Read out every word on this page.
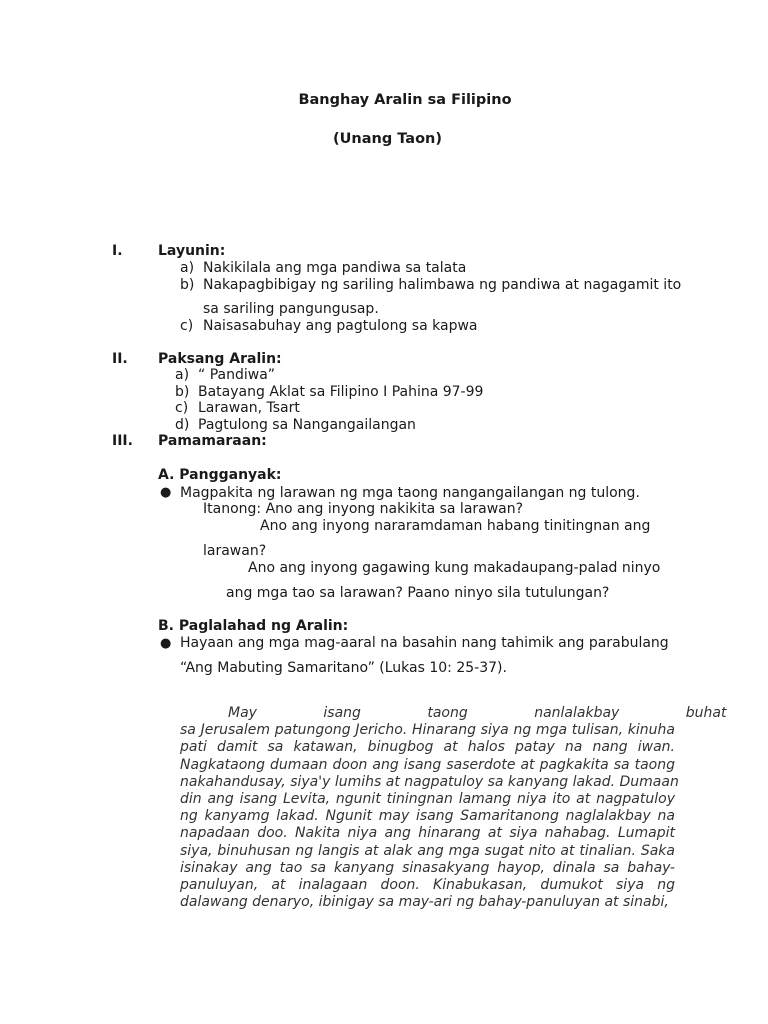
Banghay Aralin sa Filipino
(Unang Taon)
I.	Layunin:
a) Nakikilala ang mga pandiwa sa talata
b) Nakapagbibigay ng sariling halimbawa ng pandiwa at nagagamit ito
sa sariling pangungusap.
c) Naisasabuhay ang pagtulong sa kapwa
II. Paksang Aralin:
a) “ Pandiwa”
b) Batayang Aklat sa Filipino I Pahina 97-99
c) Larawan, Tsart
d) Pagtulong sa Nangangailangan
III. Pamamaraan:
A. Pangganyak:
● Magpakita ng larawan ng mga taong nangangailangan ng tulong.
Itanong: Ano ang inyong nakikita sa larawan?
Ano ang inyong nararamdaman habang tinitingnan ang
larawan?
Ano ang inyong gagawing kung makadaupang-palad ninyo
ang mga tao sa larawan? Paano ninyo sila tutulungan?
B. Paglalahad ng Aralin:
● Hayaan ang mga mag-aaral na basahin nang tahimik ang parabulang
“Ang Mabuting Samaritano” (Lukas 10: 25-37).
May isang taong nanlalakbay buhat
sa Jerusalem patungong Jericho. Hinarang siya ng mga tulisan, kinuha
pati damit sa katawan, binugbog at halos patay na nang iwan.
Nagkataong dumaan doon ang isang saserdote at pagkakita sa taong
nakahandusay, siya'y lumihs at nagpatuloy sa kanyang lakad. Dumaan
din ang isang Levita, ngunit tiningnan lamang niya ito at nagpatuloy
ng kanyamg lakad. Ngunit may isang Samaritanong naglalakbay na
napadaan doo. Nakita niya ang hinarang at siya nahabag. Lumapit
siya, binuhusan ng langis at alak ang mga sugat nito at tinalian. Saka
isinakay ang tao sa kanyang sinasakyang hayop, dinala sa bahay-
panuluyan, at inalagaan doon. Kinabukasan, dumukot siya ng
dalawang denaryo, ibinigay sa may-ari ng bahay-panuluyan at sinabi,
